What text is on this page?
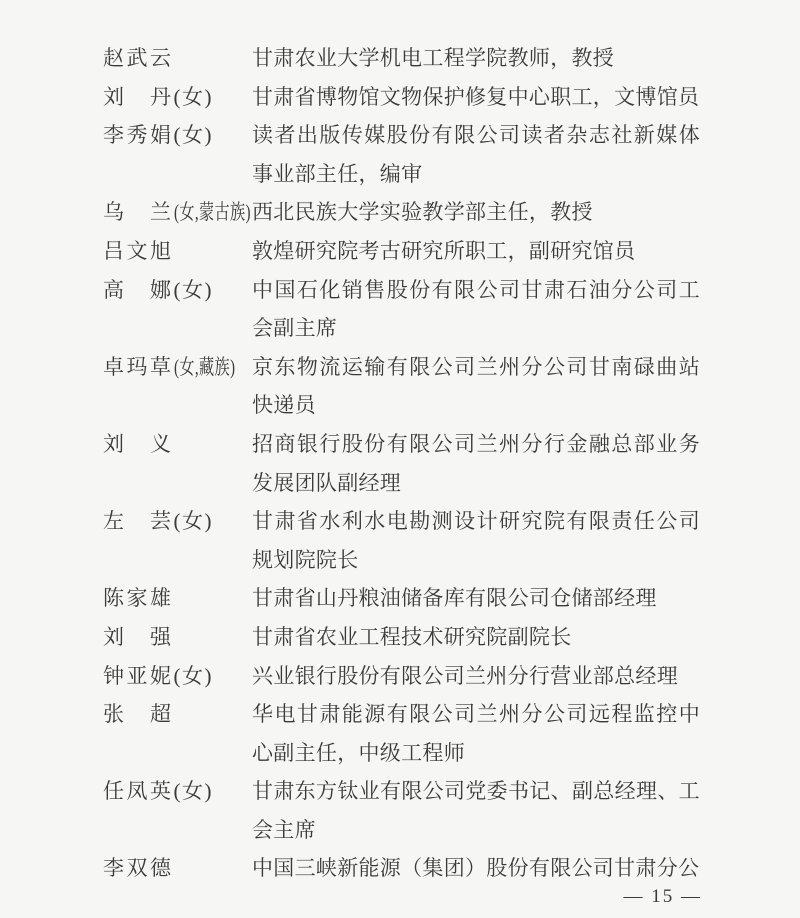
赵武云	甘肃农业大学机电工程学院教师，教授
刘　丹(女)	甘肃省博物馆文物保护修复中心职工，文博馆员
李秀娟(女)	读者出版传媒股份有限公司读者杂志社新媒体
事业部主任，编审
乌　兰(女,蒙古族) 西北民族大学实验教学部主任，教授
吕文旭	敦煌研究院考古研究所职工，副研究馆员
高　娜(女)	中国石化销售股份有限公司甘肃石油分公司工
会副主席
卓玛草(女,藏族) 京东物流运输有限公司兰州分公司甘南碌曲站
快递员
刘　义	招商银行股份有限公司兰州分行金融总部业务
发展团队副经理
左　芸(女)	甘肃省水利水电勘测设计研究院有限责任公司
规划院院长
陈家雄	甘肃省山丹粮油储备库有限公司仓储部经理
刘　强	甘肃省农业工程技术研究院副院长
钟亚妮(女)	兴业银行股份有限公司兰州分行营业部总经理
张　超	华电甘肃能源有限公司兰州分公司远程监控中
心副主任，中级工程师
任凤英(女)	甘肃东方钛业有限公司党委书记、副总经理、工
会主席
李双德	中国三峡新能源（集团）股份有限公司甘肃分公
— 15 —
